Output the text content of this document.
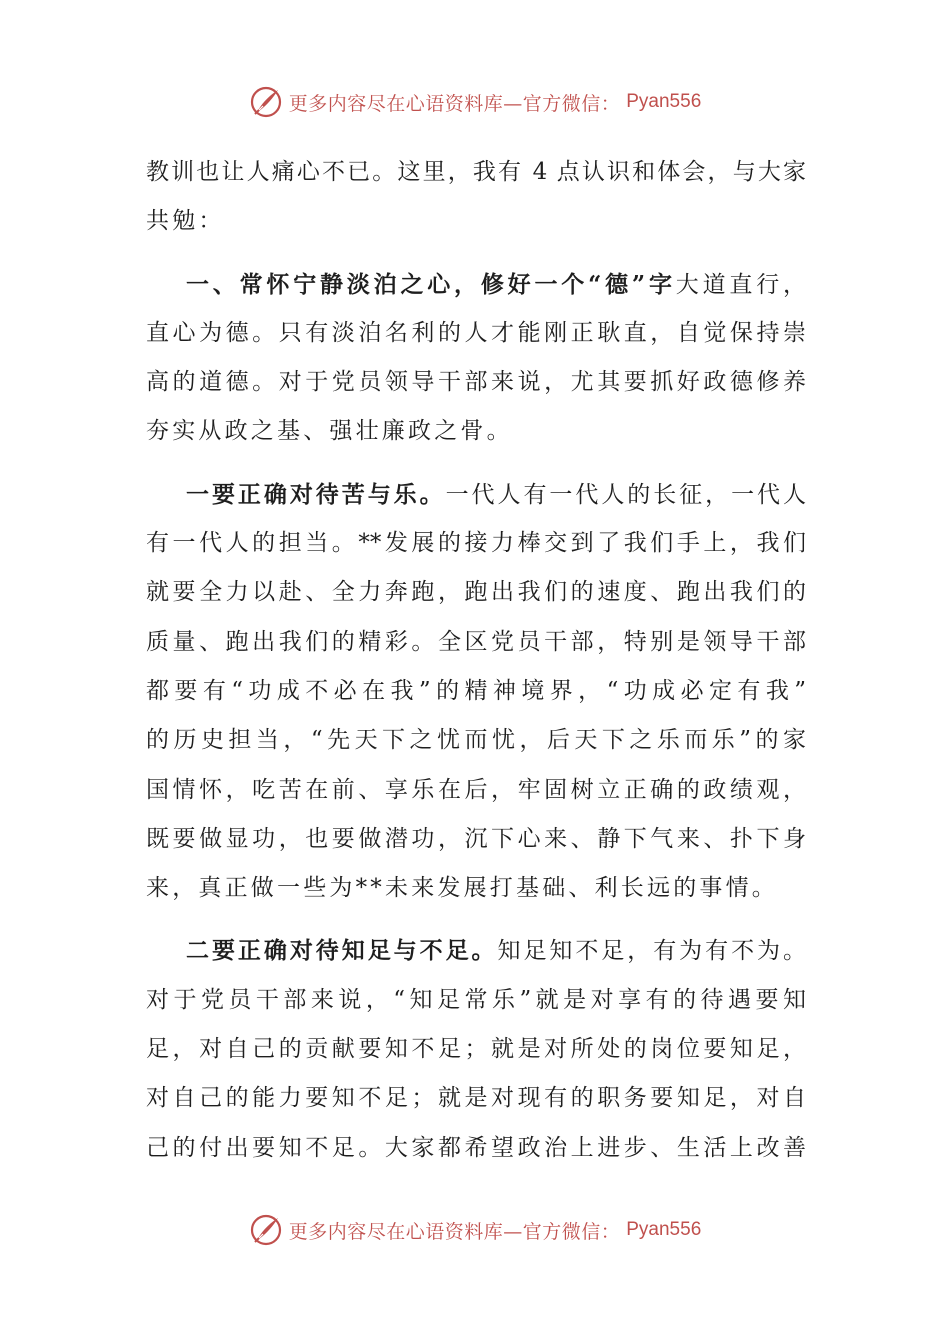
更多内容尽在心语资料库—官方微信： Pyan556
教训也让人痛心不已。这里，我有 4 点认识和体会，与大家
共勉：
一、常怀宁静淡泊之心，修好一个“德”字大道直行，
直心为德。只有淡泊名利的人才能刚正耿直，自觉保持崇
高的道德。对于党员领导干部来说，尤其要抓好政德修养
夯实从政之基、强壮廉政之骨。
一要正确对待苦与乐。一代人有一代人的长征，一代人
有一代人的担当。**发展的接力棒交到了我们手上，我们
就要全力以赴、全力奔跑，跑出我们的速度、跑出我们的
质量、跑出我们的精彩。全区党员干部，特别是领导干部
都要有“功成不必在我”的精神境界，“功成必定有我”
的历史担当，“先天下之忧而忧，后天下之乐而乐”的家
国情怀，吃苦在前、享乐在后，牢固树立正确的政绩观，
既要做显功，也要做潜功，沉下心来、静下气来、扑下身
来，真正做一些为**未来发展打基础、利长远的事情。
二要正确对待知足与不足。知足知不足，有为有不为。
对于党员干部来说，“知足常乐”就是对享有的待遇要知
足，对自己的贡献要知不足；就是对所处的岗位要知足，
对自己的能力要知不足；就是对现有的职务要知足，对自
己的付出要知不足。大家都希望政治上进步、生活上改善
更多内容尽在心语资料库—官方微信： Pyan556
